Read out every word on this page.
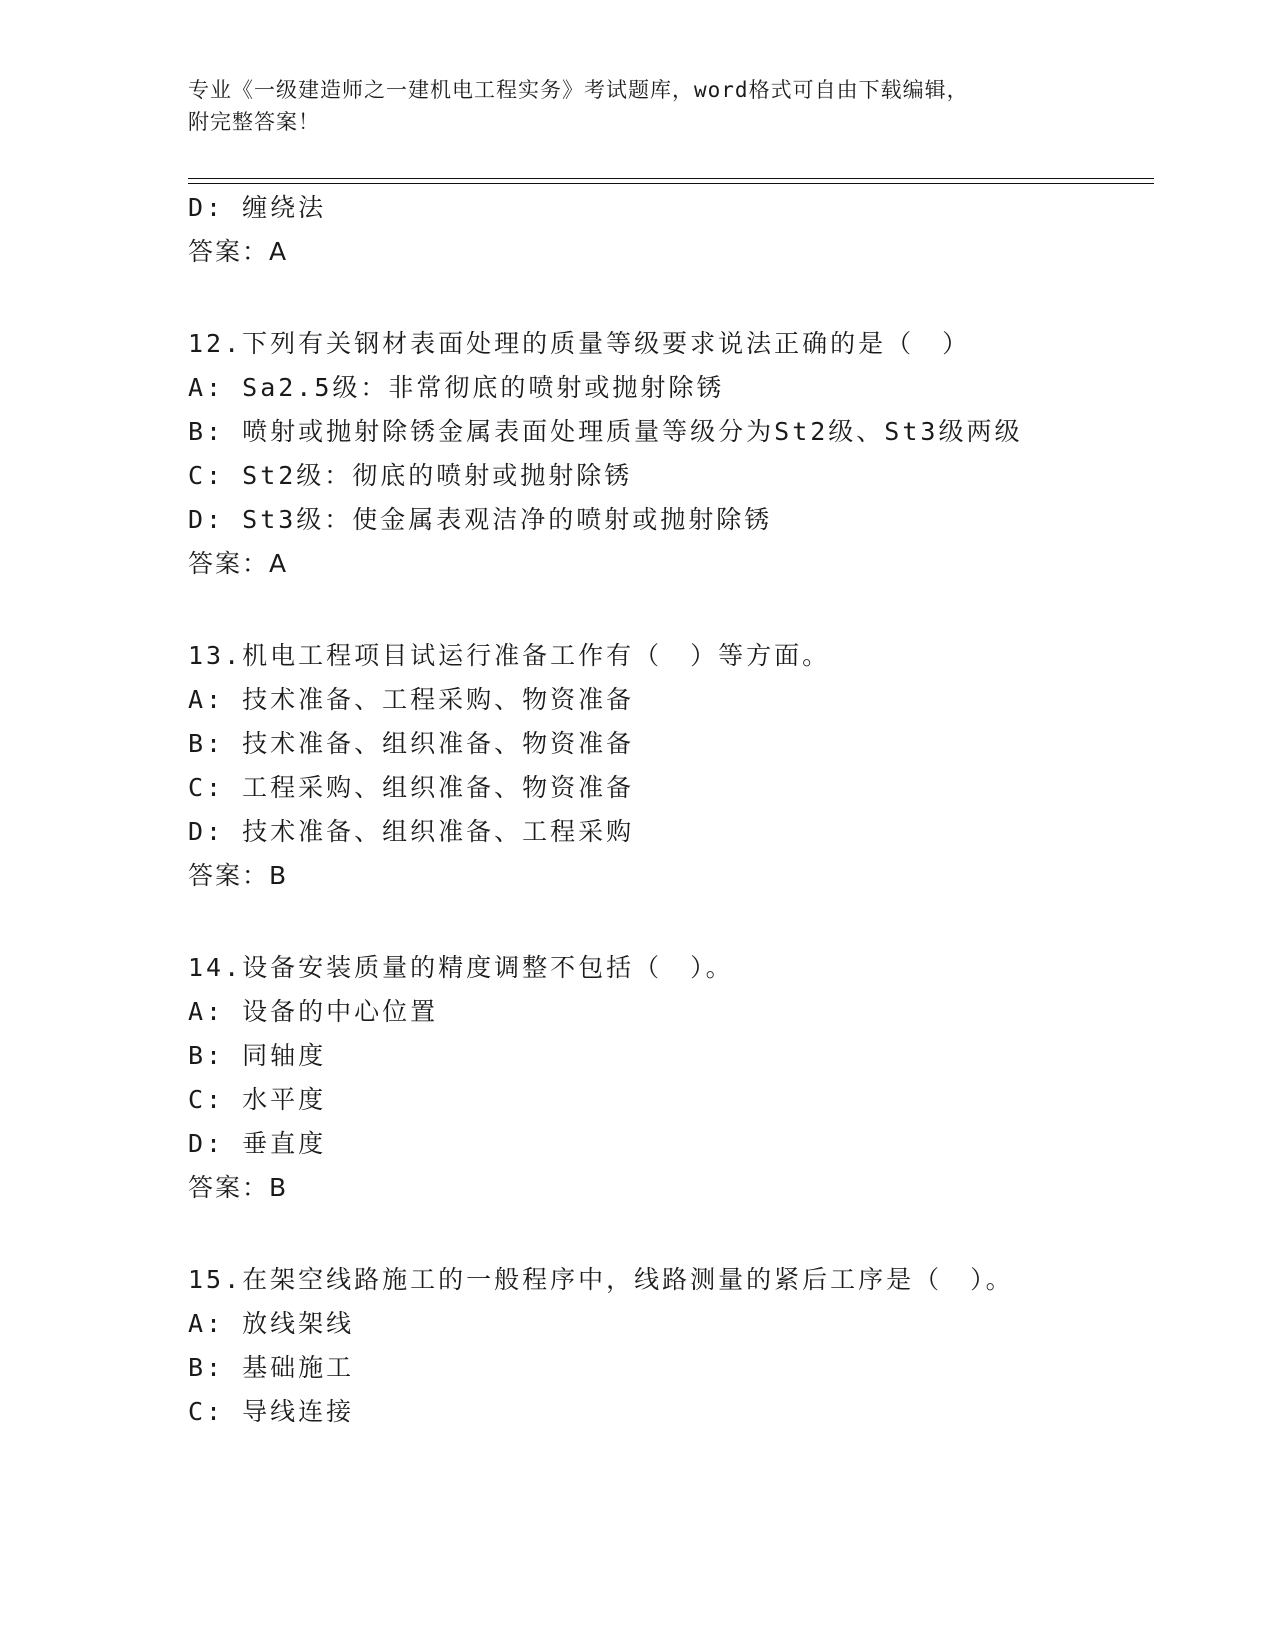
专业《一级建造师之一建机电工程实务》考试题库，word格式可自由下载编辑，
附完整答案！
D: 缠绕法
答案：A
12.下列有关钢材表面处理的质量等级要求说法正确的是（　）
A: Sa2.5级：非常彻底的喷射或抛射除锈
B: 喷射或抛射除锈金属表面处理质量等级分为St2级、St3级两级
C: St2级：彻底的喷射或抛射除锈
D: St3级：使金属表观洁净的喷射或抛射除锈
答案：A
13.机电工程项目试运行准备工作有（　）等方面。
A: 技术准备、工程采购、物资准备
B: 技术准备、组织准备、物资准备
C: 工程采购、组织准备、物资准备
D: 技术准备、组织准备、工程采购
答案：B
14.设备安装质量的精度调整不包括（　）。
A: 设备的中心位置
B: 同轴度
C: 水平度
D: 垂直度
答案：B
15.在架空线路施工的一般程序中，线路测量的紧后工序是（　）。
A: 放线架线
B: 基础施工
C: 导线连接
